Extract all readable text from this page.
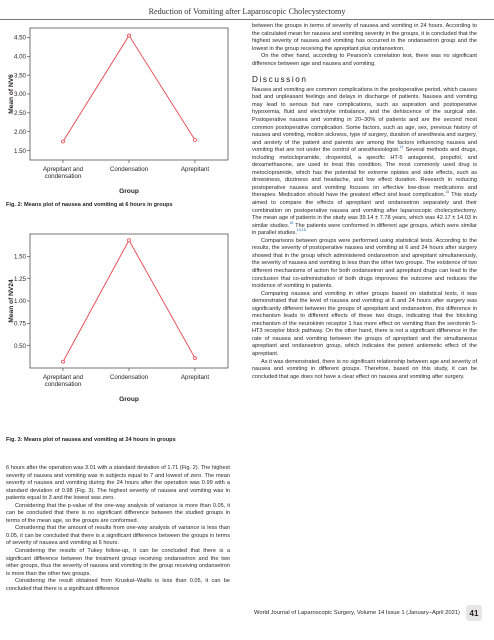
Reduction of Vomiting after Laparoscopic Cholecystectomy
4.50
4.00
3.50
3.00
2.50
2.00
1.50
Mean of NV6
Aprepitant and condensation
Condensation	Aprepitant
Group
Fig. 2: Means plot of nausea and vomiting at 6 hours in groups
1.50
1.25
1.00
0.75
0.50
Mean of NV24
Aprepitant and condensation
Condensation	Aprepitant
Group
Fig. 3: Means plot of nausea and vomiting at 24 hours in groups

6 hours after the operation was 3.01 with a standard deviation of 1.71 (Fig. 2). The highest severity of nausea and vomiting was in subjects equal to 7 and lowest of zero. The mean severity of nausea and vomiting during the 24 hours after the operation was 0.99 with a standard deviation of 0.98 (Fig. 3). The highest severity of nausea and vomiting was in patients equal to 3 and the lowest was zero.

Considering that the p-value of the one-way analysis of variance is more than 0.05, it can be concluded that there is no significant difference between the studied groups in terms of the mean age, so the groups are conformed.

Considering that the amount of results from one-way analysis of variance is less than 0.05, it can be concluded that there is a significant difference between the groups in terms of severity of nausea and vomiting at 6 hours.

Considering the results of Tukey follow-up, it can be concluded that there is a significant difference between the treatment group receiving ondansetron and the two other groups, thus the severity of nausea and vomiting in the group receiving ondansetron is more than the other two groups.

Considering the result obtained from Kruskal–Wallis is less than 0.05, it can be concluded that there is a significant difference

between the groups in terms of severity of nausea and vomiting in 24 hours. According to the calculated mean for nausea and vomiting severity in the groups, it is concluded that the highest severity of nausea and vomiting has occurred in the ondansetron group and the lowest in the group receiving the aprepitant plus ondansetron.

On the other hand, according to Pearson's correlation test, there was no significant difference between age and nausea and vomiting.

Discussion

Nausea and vomiting are common complications in the postoperative period, which causes bad and unpleasant feelings and delays in discharge of patients. Nausea and vomiting may lead to serious but rare complications, such as aspiration and postoperative hypoxemia, fluid and electrolyte imbalance, and the dehiscence of the surgical site. Postoperative nausea and vomiting in 20–30% of patients and are the second most common postoperative complication. Some factors, such as age, sex, previous history of nausea and vomiting, motion sickness, type of surgery, duration of anesthesia and surgery, and anxiety of the patient and parents are among the factors influencing nausea and vomiting that are not under the control of anesthesiologist.$^{14}$ Several methods and drugs, including metoclopramide, droperidol, a specific HT-5 antagonist, propofol, and dexamethasone, are used to treat this condition. The most commonly used drug is metoclopramide, which has the potential for extreme opiates and side effects, such as drowsiness, dizziness and headache, and low effect duration. Research in reducing postoperative nausea and vomiting focuses on effective low-dose medications and therapies. Medication should have the greatest effect and least complication.$^{15}$ This study aimed to compare the effects of aprepitant and ondansetron separately and their combination on postoperative nausea and vomiting after laparoscopic cholecystectomy. The mean age of patients in the study was 39.14 ± 7.78 years, which was 42.17 ± 14.03 in similar studies.$^{16}$ The patients were conformed in different age groups, which were similar in parallel studies.$^{14,15}$

Comparisons between groups were performed using statistical tests. According to the results, the severity of postoperative nausea and vomiting at 6 and 24 hours after surgery showed that in the group which administered ondansetron and aprepitant simultaneously, the severity of nausea and vomiting is less than the other two groups. The existence of two different mechanisms of action for both ondansetron and aprepitant drugs can lead to the conclusion that co-administration of both drugs improves the outcome and reduces the incidence of vomiting in patients.

Comparing nausea and vomiting in other groups based on statistical tests, it was demonstrated that the level of nausea and vomiting at 6 and 24 hours after surgery was significantly different between the groups of aprepitant and ondansetron, this difference in mechanism leads to different effects of these two drugs, indicating that the blocking mechanism of the neurokinin receptor 1 has more effect on vomiting than the serotonin 5-HT3 receptor block pathway. On the other hand, there is not a significant difference in the rate of nausea and vomiting between the groups of aprepitant and the simultaneous aprepitant and ondansetron group, which indicates the potent antiemetic effect of the aprepitant.

As it was demonstrated, there is no significant relationship between age and severity of nausea and vomiting in different groups. Therefore, based on this study, it can be concluded that age does not have a clear effect on nausea and vomiting after surgery.

World Journal of Laparoscopic Surgery, Volume 14 Issue 1 (January–April 2021)	41
